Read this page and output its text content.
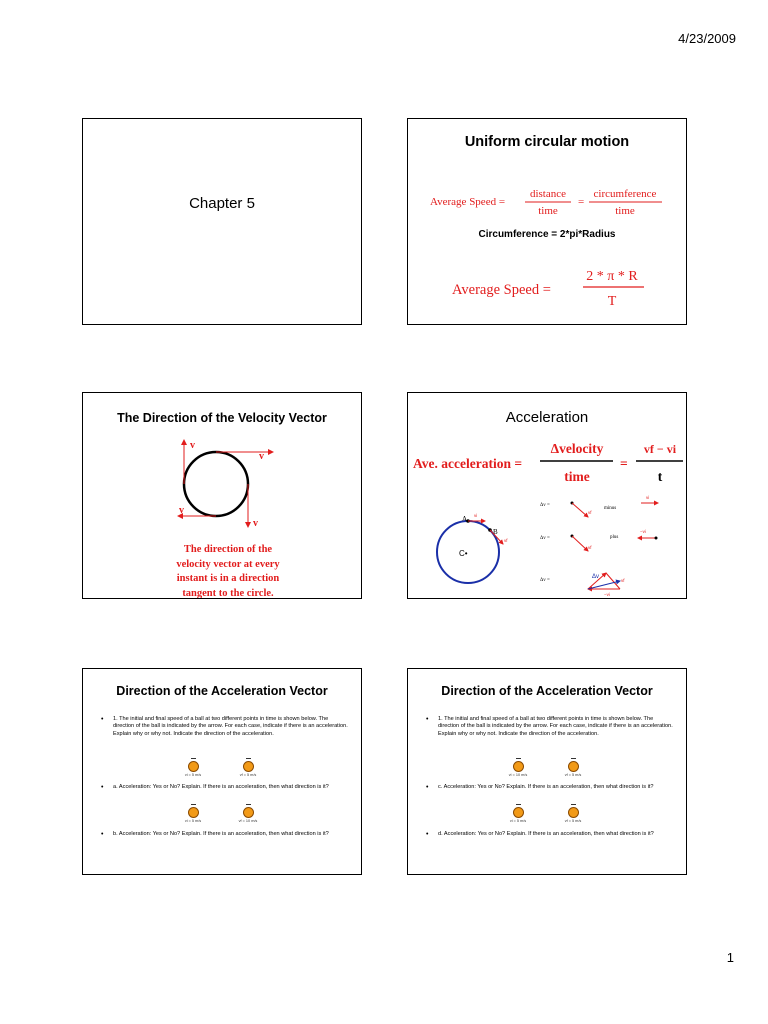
4/23/2009
Chapter 5
Uniform circular motion
Average Speed =
distance
time
=
circumference
time
Average Speed =
2 * π * R
T
Circumference = 2*pi*Radius
The Direction of the Velocity Vector
v
v
v
v
The direction of the
velocity vector at every
instant is in a direction
tangent to the circle.
Acceleration
Ave. acceleration =
Δvelocity
time
=
vf − vi
t
C•
A
B
vi
vf
Δv =
Δv =
Δv =
minus
plus
vf
vi
vf
−vi
Δv
vf
−vi
Direction of the Acceleration Vector
• 1. The initial and final speed of a ball at two different points in time is shown below. The direction of the ball is indicated by the arrow. For each case, indicate if there is an acceleration. Explain why or why not. Indicate the direction of the acceleration.
vi = 5 m/s	vf = 5 m/s
• a. Acceleration: Yes or No? Explain. If there is an acceleration, then what direction is it?
vi = 5 m/s	vf = 10 m/s
• b. Acceleration: Yes or No? Explain. If there is an acceleration, then what direction is it?
Direction of the Acceleration Vector
• 1. The initial and final speed of a ball at two different points in time is shown below. The direction of the ball is indicated by the arrow. For each case, indicate if there is an acceleration. Explain why or why not. Indicate the direction of the acceleration.
vi = 10 m/s	vf = 5 m/s
• c. Acceleration: Yes or No? Explain. If there is an acceleration, then what direction is it?
vi = 5 m/s	vf = 5 m/s
• d. Acceleration: Yes or No? Explain. If there is an acceleration, then what direction is it?
1
